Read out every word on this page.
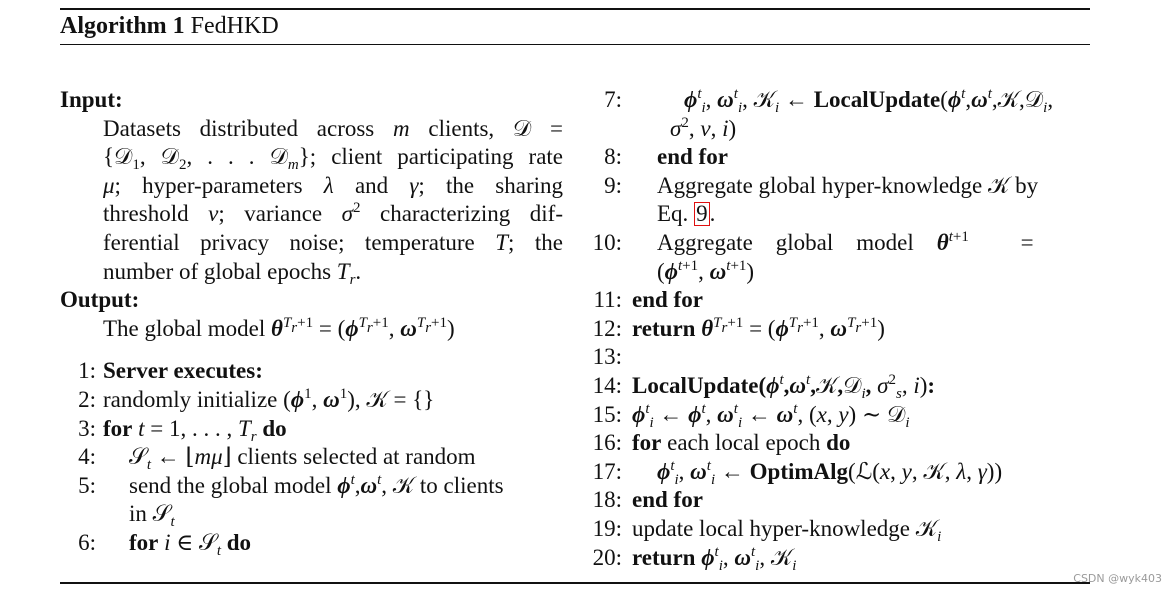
Algorithm 1 FedHKD
Input:
Datasets distributed across m clients, 𝒟 =
{𝒟$_1$, 𝒟$_2$, . . . 𝒟$_m$}; client participating rate
μ; hyper-parameters λ and γ; the sharing
threshold ν; variance $\sigma^2$ characterizing dif-
ferential privacy noise; temperature T; the
number of global epochs $T_r$.
Output:
The global model $\theta^{T_r+1} = (\phi^{T_r+1}$, $\omega^{T_r+1}$)
1: Server executes:
2: randomly initialize ($\phi^1$, $\omega^1$), 𝒦 = {}
3: for t = 1, . . . , $T_r$ do
4: 𝒮$_t$ ← ⌊mμ⌋ clients selected at random
5: send the global model $\phi^t,\omega^t$, 𝒦 to clients
in 𝒮$_t$
6: for i ∈ 𝒮$_t$ do
7:	$\phi^t_i$, $\omega^t_i$, 𝒦$_i$ ← $LocalUpdate(\phi^t,\omega^t,𝒦,𝒟_i$,
$\sigma^2$, ν, i)
8: end for
9: Aggregate global hyper-knowledge 𝒦 by
Eq. 9.
10: Aggregate    global    model    $\theta^{t+1}$         =
($\phi^{t+1}$, $\omega^{t+1}$)
11: end for
12: return $\theta^{T_r+1} = (\phi^{T_r+1}$, $\omega^{T_r+1}$)
13:
14: $LocalUpdate(\phi^t,\omega^t,𝒦,𝒟_i$, $\sigma^2_s$, i):
15: $\phi^t_i$ ← $\phi^t$, $\omega^t_i$ ← $\omega^t$, (x, y) ∼ 𝒟$_i$
16: for each local epoch do
17: $\phi^t_i$, $\omega^t_i$ ← OptimAlg(ℒ(x, y, 𝒦, λ, γ))
18: end for
19: update local hyper-knowledge 𝒦$_i$
20: return $\phi^t_i$, $\omega^t_i$, 𝒦$_i$
CSDN @wyk403
